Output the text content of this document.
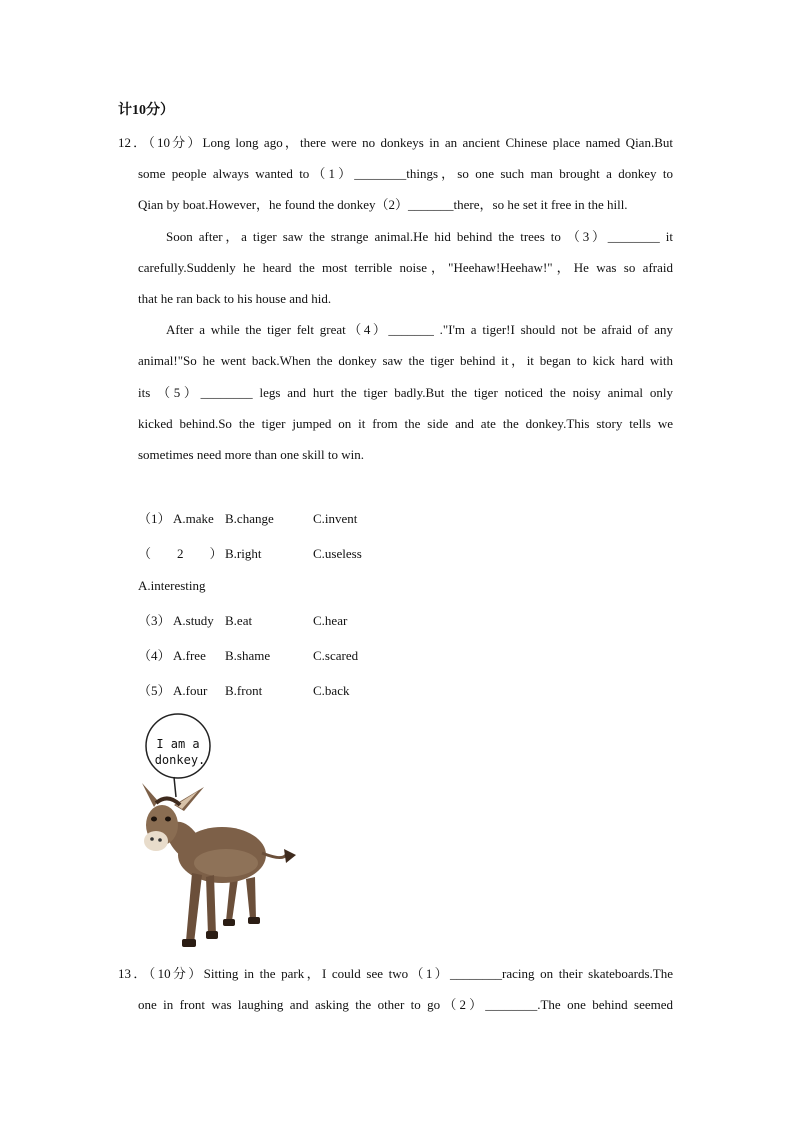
计10分）
12．（10分）Long long ago，there were no donkeys in an ancient Chinese place named Qian.But
some people always wanted to（1）________things，so one such man brought a donkey to
Qian by boat.However，he found the donkey（2）_______there，so he set it free in the hill.
Soon after，a tiger saw the strange animal.He hid behind the trees to （3）________ it
carefully.Suddenly he heard the most terrible noise，"Heehaw!Heehaw!"，He was so afraid
that he ran back to his house and hid.
After a while the tiger felt great（4）_______ ."I'm a tiger!I should not be afraid of any
animal!"So he went back.When the donkey saw the tiger behind it，it began to kick hard with
its （5）________ legs and hurt the tiger badly.But the tiger noticed the noisy animal only
kicked behind.So the tiger jumped on it from the side and ate the donkey.This story tells we
sometimes need more than one skill to win.
（1） A.make B.change	C.invent
（　　2　　） B.right	C.useless
A.interesting
（3） A.study B.eat	C.hear
（4） A.free B.shame	C.scared
（5） A.four B.front	C.back
I am a
donkey.
13．（10分）Sitting in the park，I could see two（1）________racing on their skateboards.The
one in front was laughing and asking the other to go（2）________.The one behind seemed
